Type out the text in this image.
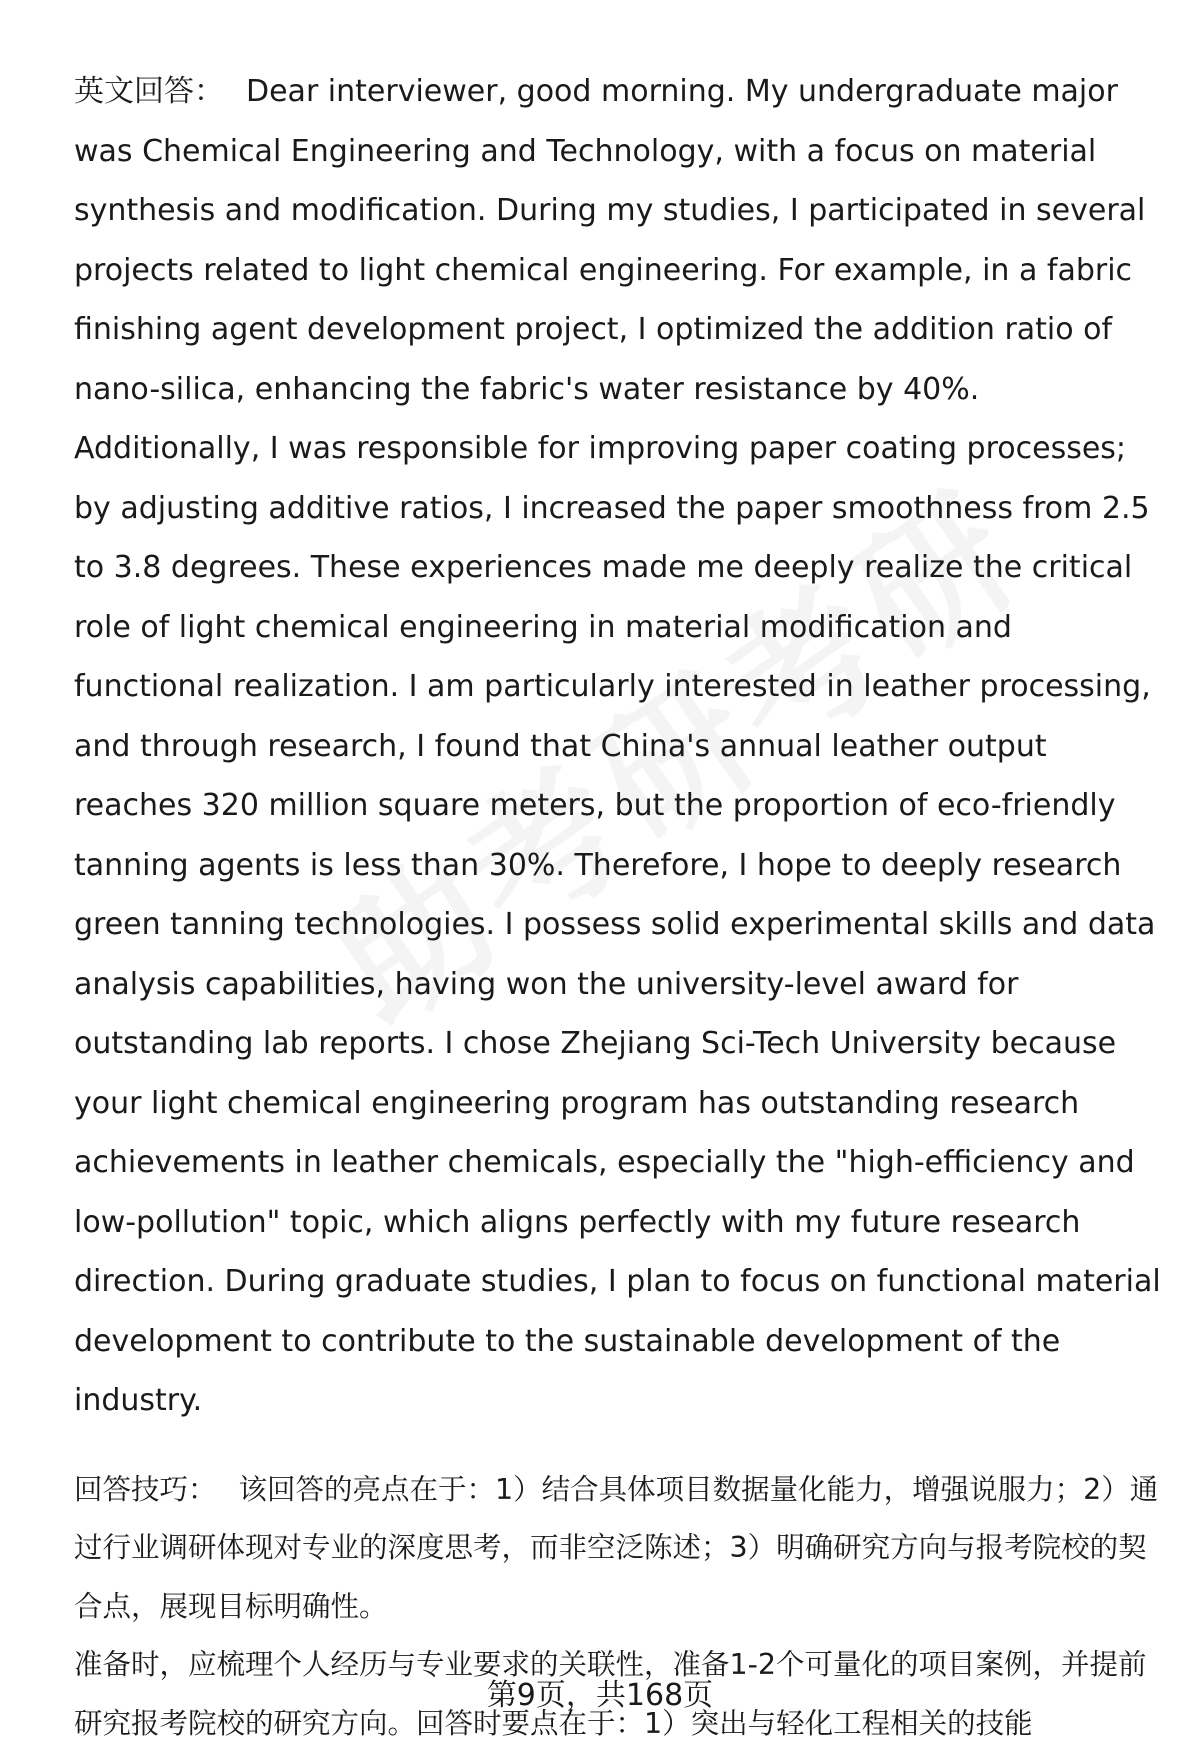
英文回答： Dear interviewer, good morning. My undergraduate major was Chemical Engineering and Technology, with a focus on material synthesis and modification. During my studies, I participated in several projects related to light chemical engineering. For example, in a fabric finishing agent development project, I optimized the addition ratio of nano-silica, enhancing the fabric's water resistance by 40%. Additionally, I was responsible for improving paper coating processes; by adjusting additive ratios, I increased the paper smoothness from 2.5 to 3.8 degrees. These experiences made me deeply realize the critical role of light chemical engineering in material modification and functional realization. I am particularly interested in leather processing, and through research, I found that China's annual leather output reaches 320 million square meters, but the proportion of eco-friendly tanning agents is less than 30%. Therefore, I hope to deeply research green tanning technologies. I possess solid experimental skills and data analysis capabilities, having won the university-level award for outstanding lab reports. I chose Zhejiang Sci-Tech University because your light chemical engineering program has outstanding research achievements in leather chemicals, especially the "high-efficiency and low-pollution" topic, which aligns perfectly with my future research direction. During graduate studies, I plan to focus on functional material development to contribute to the sustainable development of the industry.

回答技巧： 该回答的亮点在于：1）结合具体项目数据量化能力，增强说服力；2）通过行业调研体现对专业的深度思考，而非空泛陈述；3）明确研究方向与报考院校的契合点，展现目标明确性。

准备时，应梳理个人经历与专业要求的关联性，准备1-2个可量化的项目案例，并提前研究报考院校的研究方向。回答时要点在于：1）突出与轻化工程相关的技能

第9页，共168页
